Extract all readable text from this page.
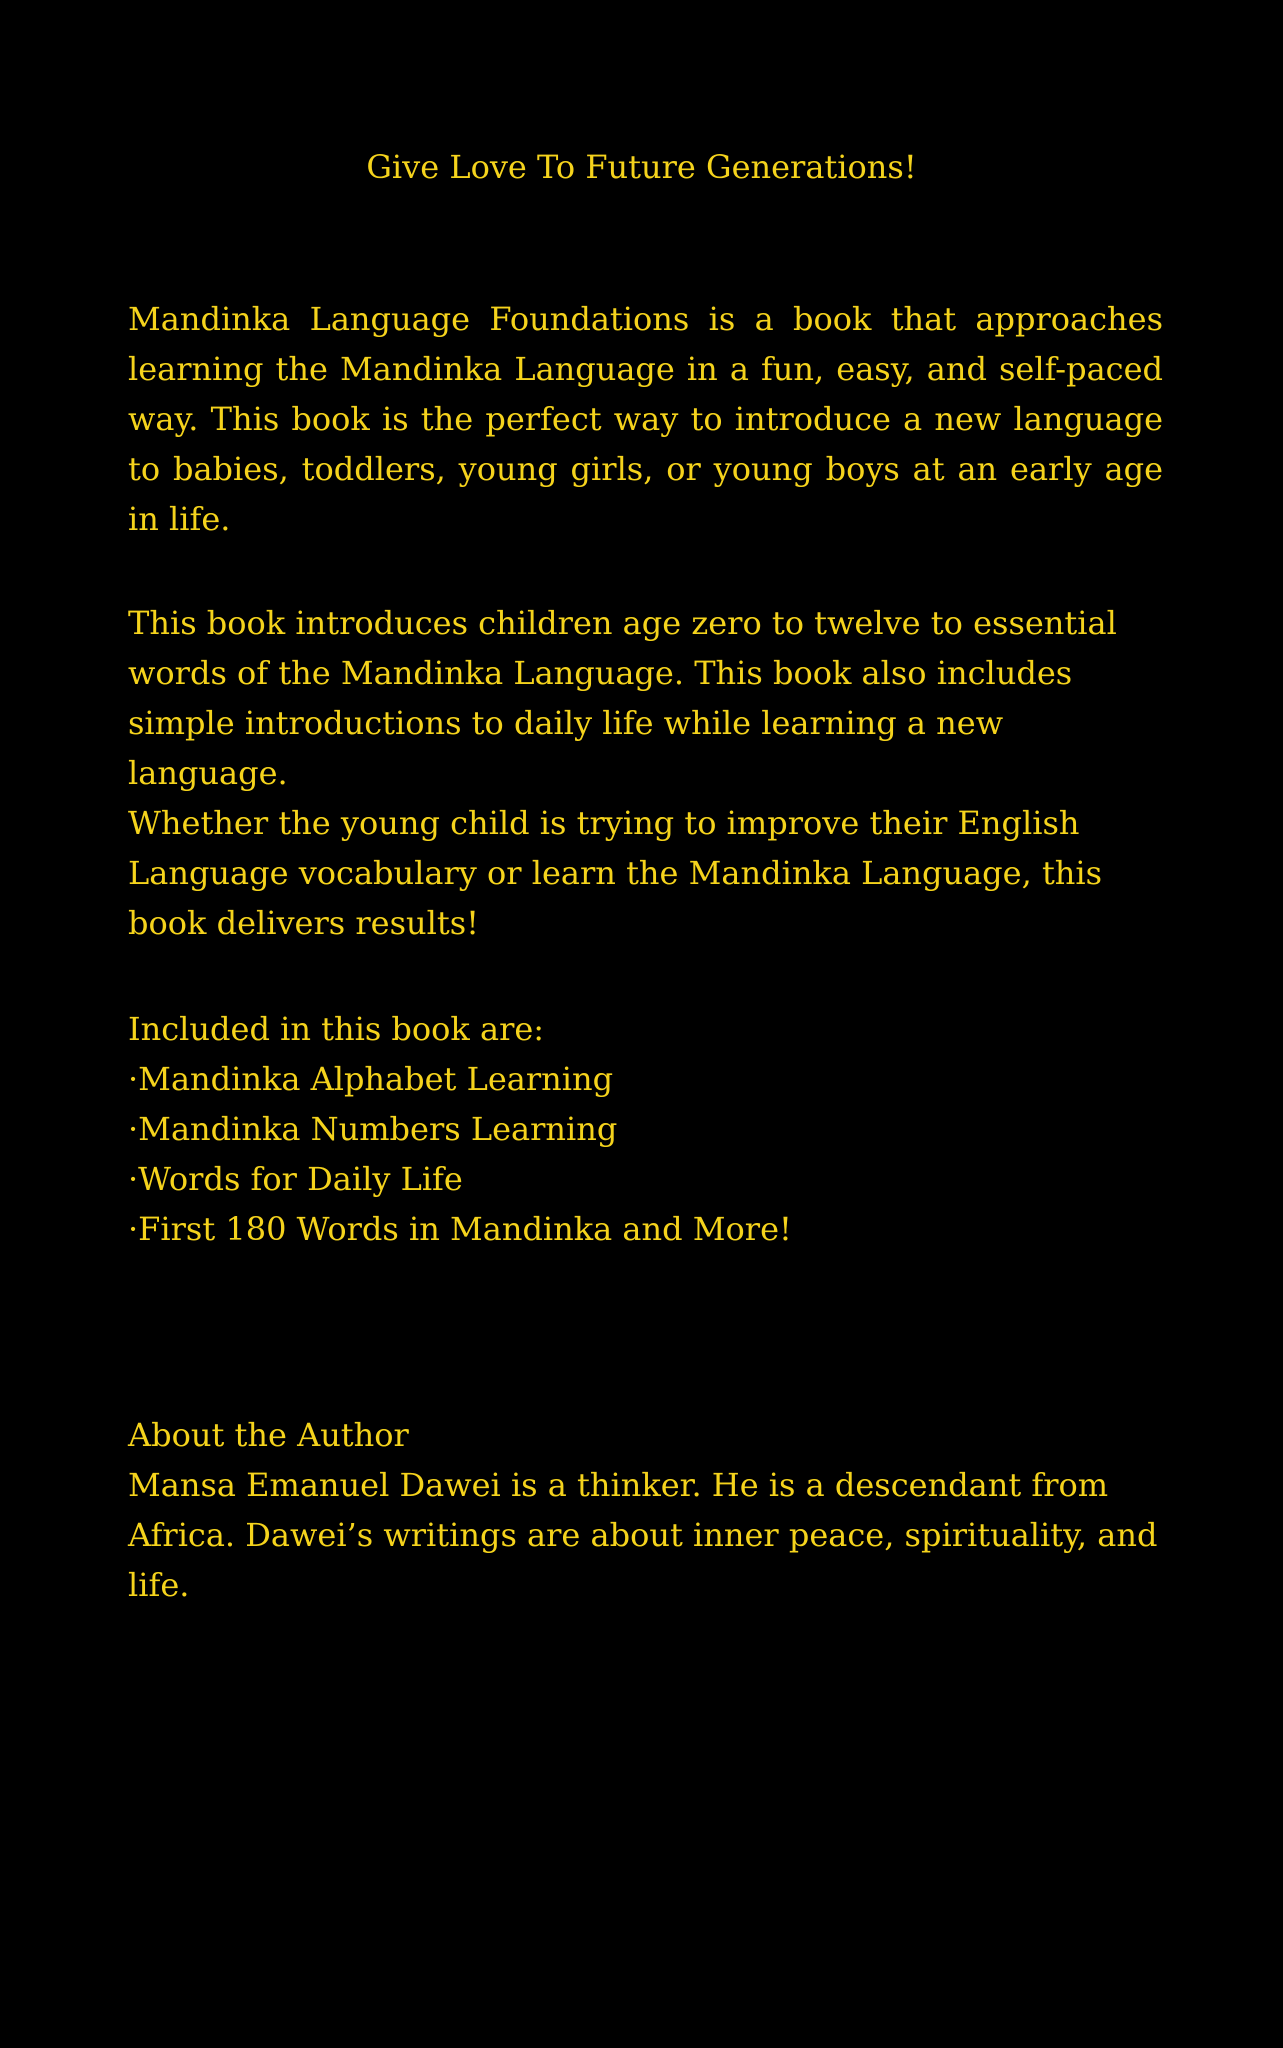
Give Love To Future Generations!
Mandinka Language Foundations is a book that approaches learning the Mandinka Language in a fun, easy, and self-paced way. This book is the perfect way to introduce a new language to babies, toddlers, young girls, or young boys at an early age in life.
This book introduces children age zero to twelve to essential
words of the Mandinka Language. This book also includes
simple introductions to daily life while learning a new language.
Whether the young child is trying to improve their English
Language vocabulary or learn the Mandinka Language, this
book delivers results!
Included in this book are:
·Mandinka Alphabet Learning
·Mandinka Numbers Learning
·Words for Daily Life
·First 180 Words in Mandinka and More!
About the Author
Mansa Emanuel Dawei is a thinker. He is a descendant from
Africa. Dawei’s writings are about inner peace, spirituality, and
life.
